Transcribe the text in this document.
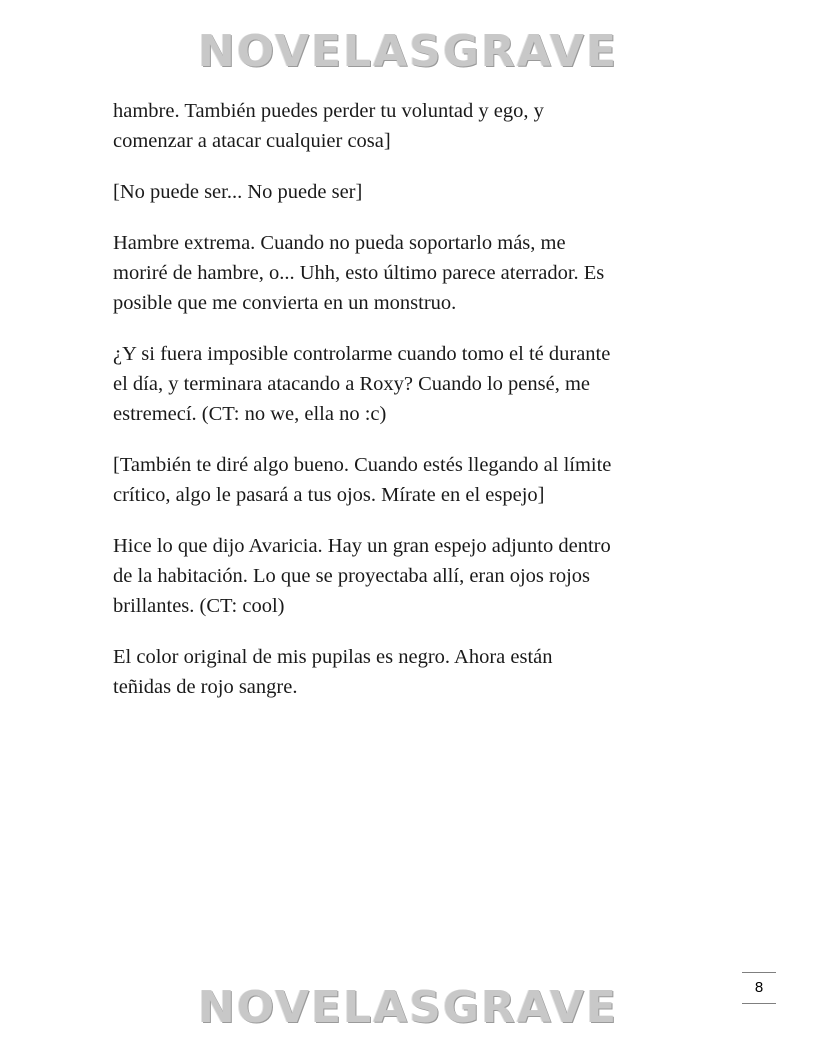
NOVELASGRAVE

hambre. También puedes perder tu voluntad y ego, y
comenzar a atacar cualquier cosa]

[No puede ser... No puede ser]

Hambre extrema. Cuando no pueda soportarlo más, me
moriré de hambre, o... Uhh, esto último parece aterrador. Es
posible que me convierta en un monstruo.

¿Y si fuera imposible controlarme cuando tomo el té durante
el día, y terminara atacando a Roxy? Cuando lo pensé, me
estremecí. (CT: no we, ella no :c)

[También te diré algo bueno. Cuando estés llegando al límite
crítico, algo le pasará a tus ojos. Mírate en el espejo]

Hice lo que dijo Avaricia. Hay un gran espejo adjunto dentro
de la habitación. Lo que se proyectaba allí, eran ojos rojos
brillantes. (CT: cool)

El color original de mis pupilas es negro. Ahora están
teñidas de rojo sangre.

8
NOVELASGRAVE
